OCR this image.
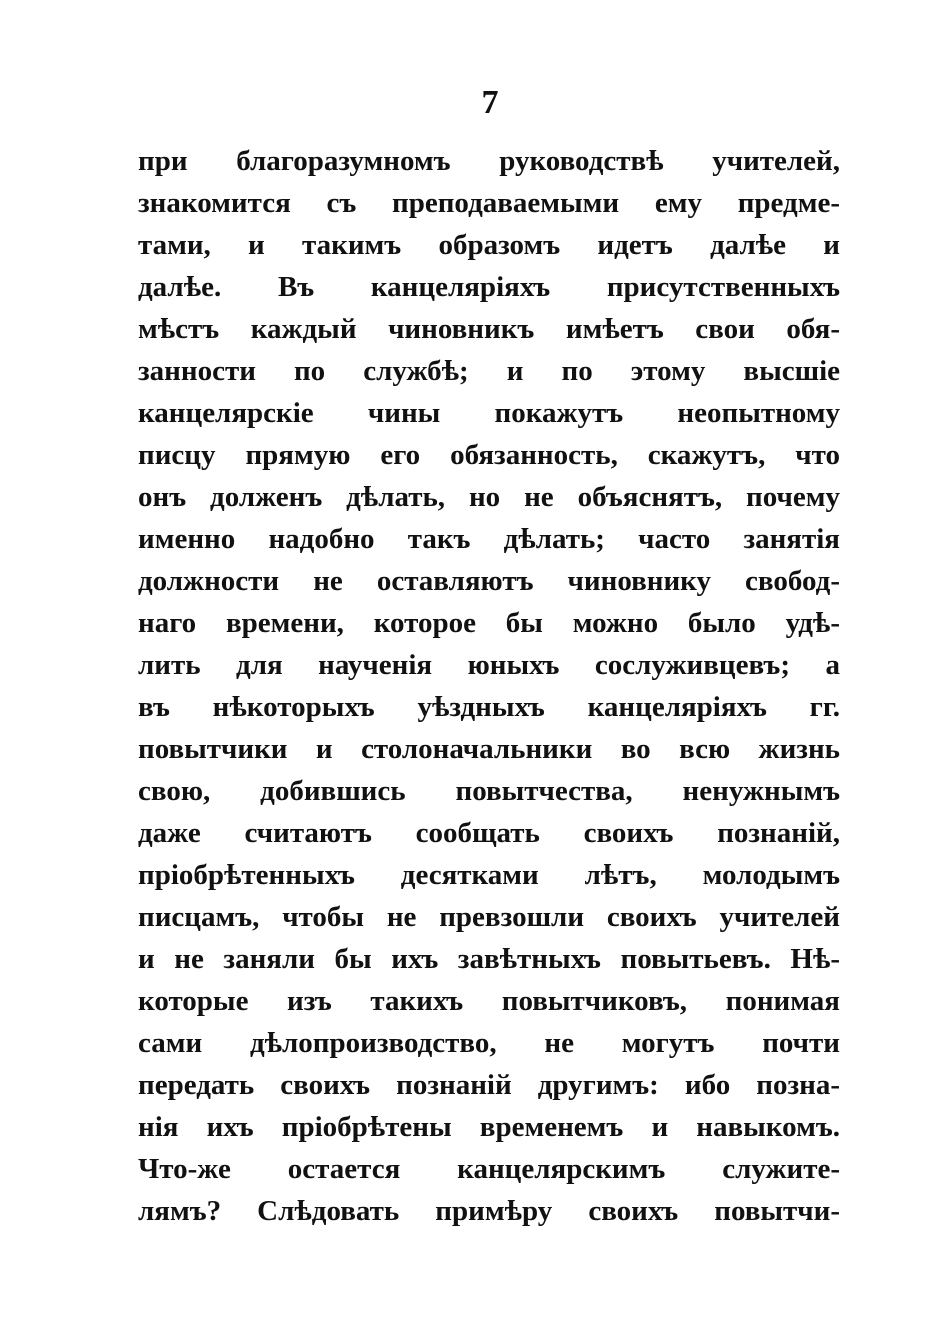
7
при благоразумномъ руководствѣ учителей,
знакомится съ преподаваемыми ему предме-
тами, и такимъ образомъ идетъ далѣе и
далѣе. Въ канцеляріяхъ присутственныхъ
мѣстъ каждый чиновникъ имѣетъ свои обя-
занности по службѣ; и по этому высшіе
канцелярскіе чины покажутъ неопытному
писцу прямую его обязанность, скажутъ, что
онъ долженъ дѣлать, но не объяснятъ, почему
именно надобно такъ дѣлать; часто занятія
должности не оставляютъ чиновнику свобод-
наго времени, которое бы можно было удѣ-
лить для наученія юныхъ сослуживцевъ; а
въ нѣкоторыхъ уѣздныхъ канцеляріяхъ гг.
повытчики и столоначальники во всю жизнь
свою, добившись повытчества, ненужнымъ
даже считаютъ сообщать своихъ познаній,
пріобрѣтенныхъ десятками лѣтъ, молодымъ
писцамъ, чтобы не превзошли своихъ учителей
и не заняли бы ихъ завѣтныхъ повытьевъ. Нѣ-
которые изъ такихъ повытчиковъ, понимая
сами дѣлопроизводство, не могутъ почти
передать своихъ познаній другимъ: ибо позна-
нія ихъ пріобрѣтены временемъ и навыкомъ.
Что-же остается канцелярскимъ служите-
лямъ? Слѣдовать примѣру своихъ повытчи-
